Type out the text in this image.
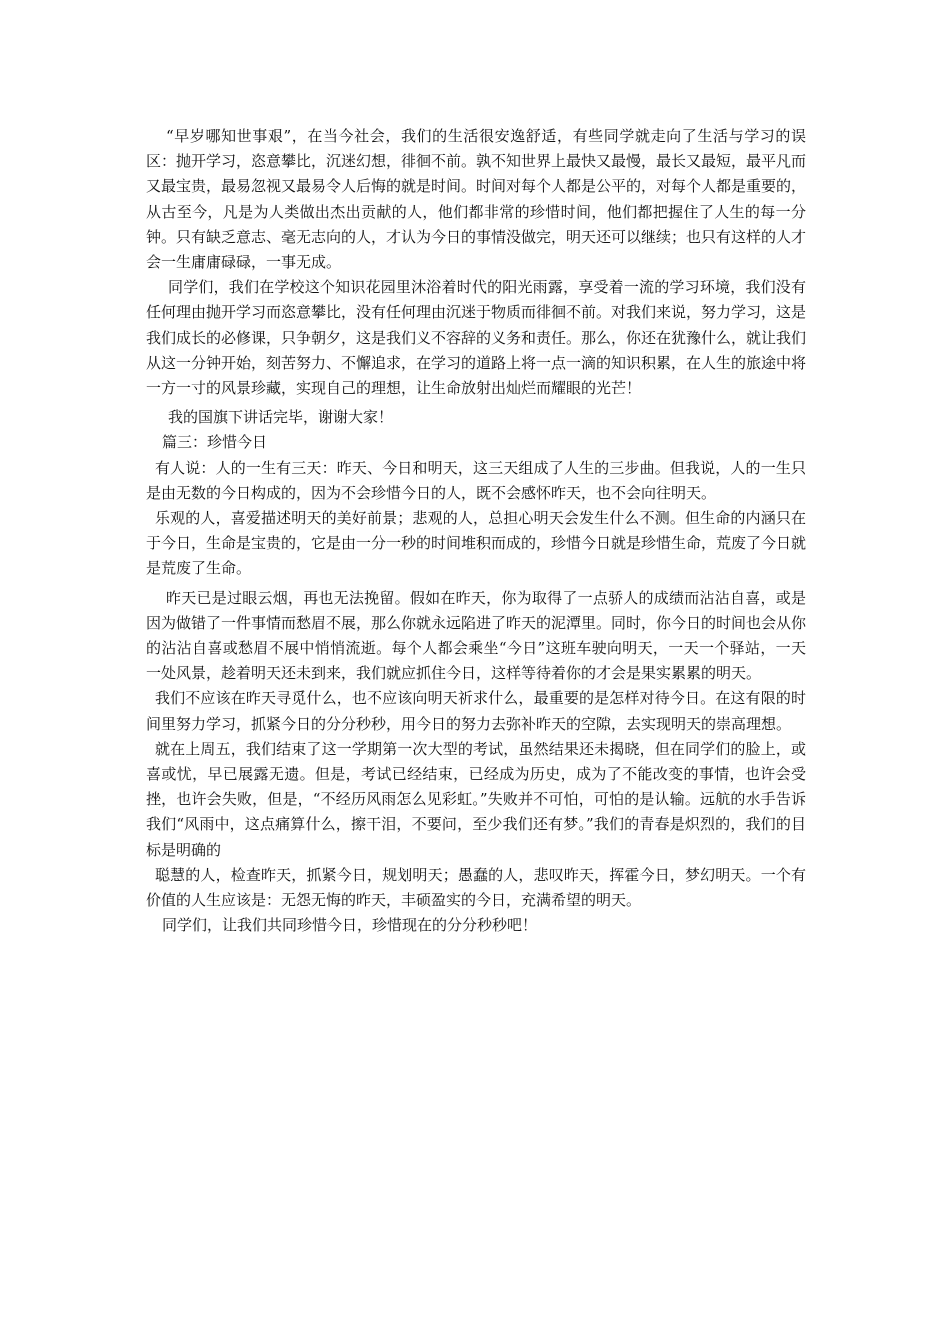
“早岁哪知世事艰”，在当今社会，我们的生活很安逸舒适，有些同学就走向了生活与学习的误区：抛开学习，恣意攀比，沉迷幻想，徘徊不前。孰不知世界上最快又最慢，最长又最短，最平凡而又最宝贵，最易忽视又最易令人后悔的就是时间。时间对每个人都是公平的，对每个人都是重要的，从古至今，凡是为人类做出杰出贡献的人，他们都非常的珍惜时间，他们都把握住了人生的每一分钟。只有缺乏意志、毫无志向的人，才认为今日的事情没做完，明天还可以继续；也只有这样的人才会一生庸庸碌碌，一事无成。

同学们，我们在学校这个知识花园里沐浴着时代的阳光雨露，享受着一流的学习环境，我们没有任何理由抛开学习而恣意攀比，没有任何理由沉迷于物质而徘徊不前。对我们来说，努力学习，这是我们成长的必修课，只争朝夕，这是我们义不容辞的义务和责任。那么，你还在犹豫什么，就让我们从这一分钟开始，刻苦努力、不懈追求，在学习的道路上将一点一滴的知识积累，在人生的旅途中将一方一寸的风景珍藏，实现自己的理想，让生命放射出灿烂而耀眼的光芒！

我的国旗下讲话完毕，谢谢大家！

篇三：珍惜今日

有人说：人的一生有三天：昨天、今日和明天，这三天组成了人生的三步曲。但我说，人的一生只是由无数的今日构成的，因为不会珍惜今日的人，既不会感怀昨天，也不会向往明天。

乐观的人，喜爱描述明天的美好前景；悲观的人，总担心明天会发生什么不测。但生命的内涵只在于今日，生命是宝贵的，它是由一分一秒的时间堆积而成的，珍惜今日就是珍惜生命，荒废了今日就是荒废了生命。

昨天已是过眼云烟，再也无法挽留。假如在昨天，你为取得了一点骄人的成绩而沾沾自喜，或是因为做错了一件事情而愁眉不展，那么你就永远陷进了昨天的泥潭里。同时，你今日的时间也会从你的沾沾自喜或愁眉不展中悄悄流逝。每个人都会乘坐“今日”这班车驶向明天，一天一个驿站，一天一处风景，趁着明天还未到来，我们就应抓住今日，这样等待着你的才会是果实累累的明天。

我们不应该在昨天寻觅什么，也不应该向明天祈求什么，最重要的是怎样对待今日。在这有限的时间里努力学习，抓紧今日的分分秒秒，用今日的努力去弥补昨天的空隙，去实现明天的崇高理想。

就在上周五，我们结束了这一学期第一次大型的考试，虽然结果还未揭晓，但在同学们的脸上，或喜或忧，早已展露无遗。但是，考试已经结束，已经成为历史，成为了不能改变的事情，也许会受挫，也许会失败，但是，“不经历风雨怎么见彩虹。”失败并不可怕，可怕的是认输。远航的水手告诉我们“风雨中，这点痛算什么，擦干泪，不要问，至少我们还有梦。”我们的青春是炽烈的，我们的目标是明确的

聪慧的人，检查昨天，抓紧今日，规划明天；愚蠢的人，悲叹昨天，挥霍今日，梦幻明天。一个有价值的人生应该是：无怨无悔的昨天，丰硕盈实的今日，充满希望的明天。

同学们，让我们共同珍惜今日，珍惜现在的分分秒秒吧！
